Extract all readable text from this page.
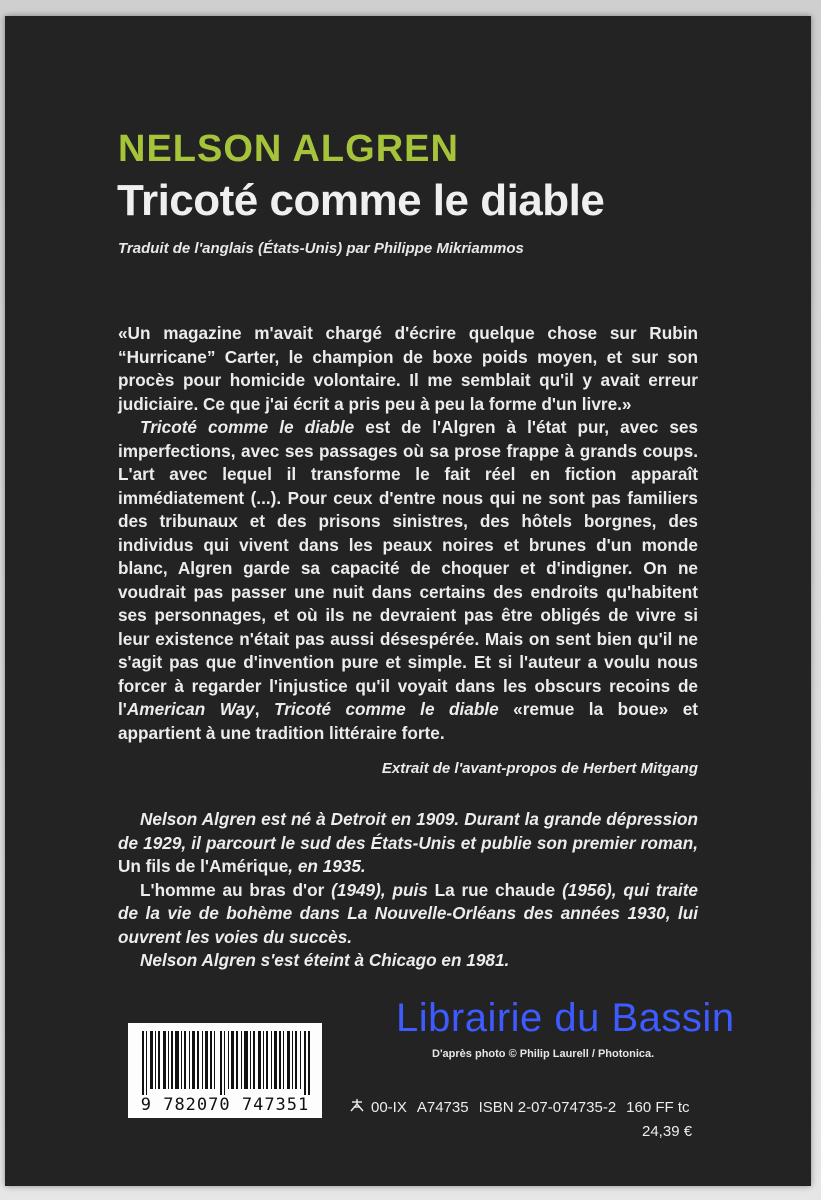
NELSON ALGREN
Tricoté comme le diable
Traduit de l'anglais (États-Unis) par Philippe Mikriammos

«Un magazine m'avait chargé d'écrire quelque chose sur Rubin “Hurricane” Carter, le champion de boxe poids moyen, et sur son procès pour homicide volontaire. Il me semblait qu'il y avait erreur judiciaire. Ce que j'ai écrit a pris peu à peu la forme d'un livre.»

Tricoté comme le diable est de l'Algren à l'état pur, avec ses imperfections, avec ses passages où sa prose frappe à grands coups. L'art avec lequel il transforme le fait réel en fiction apparaît immédiatement (...). Pour ceux d'entre nous qui ne sont pas familiers des tribunaux et des prisons sinistres, des hôtels borgnes, des individus qui vivent dans les peaux noires et brunes d'un monde blanc, Algren garde sa capacité de choquer et d'indigner. On ne voudrait pas passer une nuit dans certains des endroits qu'habitent ses personnages, et où ils ne devraient pas être obligés de vivre si leur existence n'était pas aussi désespérée. Mais on sent bien qu'il ne s'agit pas que d'invention pure et simple. Et si l'auteur a voulu nous forcer à regarder l'injustice qu'il voyait dans les obscurs recoins de l'American Way, Tricoté comme le diable «remue la boue» et appartient à une tradition littéraire forte.

Extrait de l'avant-propos de Herbert Mitgang

Nelson Algren est né à Detroit en 1909. Durant la grande dépression de 1929, il parcourt le sud des États-Unis et publie son premier roman, Un fils de l'Amérique, en 1935.

L'homme au bras d'or (1949), puis La rue chaude (1956), qui traite de la vie de bohème dans La Nouvelle-Orléans des années 1930, lui ouvrent les voies du succès.

Nelson Algren s'est éteint à Chicago en 1981.

D'après photo © Philip Laurell / Photonica.
Librairie du Bassin
9 782070 747351	00-IX A74735 ISBN 2-07-074735-2 160 FF tc
24,39 €
